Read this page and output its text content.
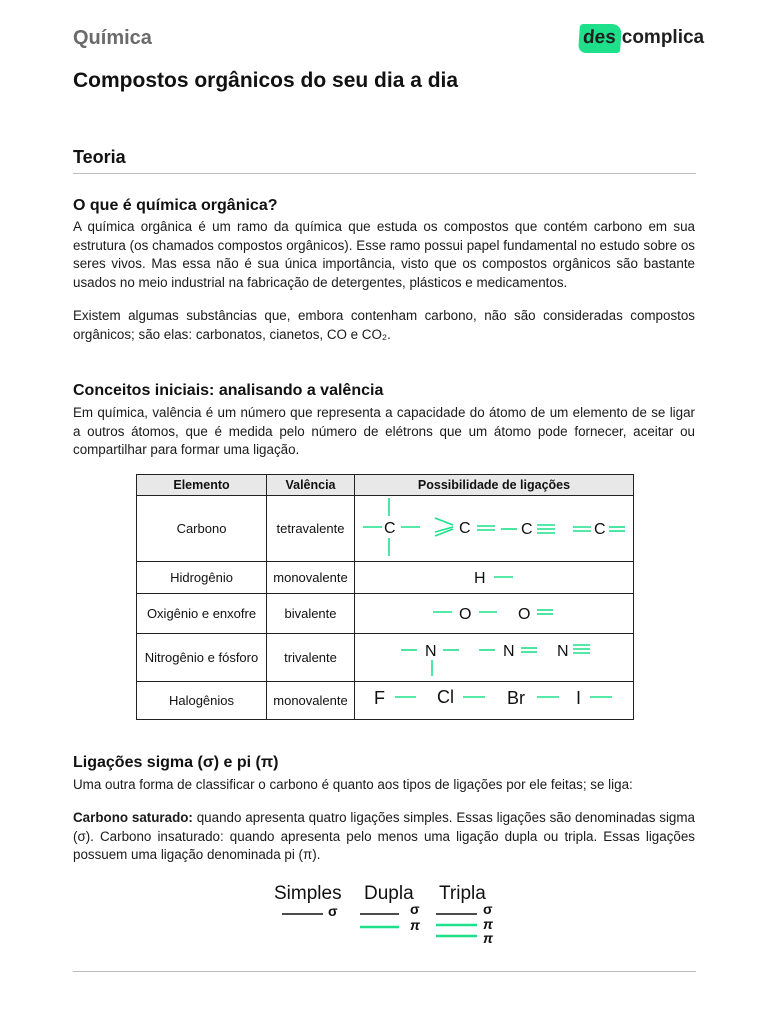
Química	des complica
Compostos orgânicos do seu dia a dia
Teoria
O que é química orgânica?
A química orgânica é um ramo da química que estuda os compostos que contém carbono em sua estrutura (os chamados compostos orgânicos). Esse ramo possui papel fundamental no estudo sobre os seres vivos. Mas essa não é sua única importância, visto que os compostos orgânicos são bastante usados no meio industrial na fabricação de detergentes, plásticos e medicamentos.
Existem algumas substâncias que, embora contenham carbono, não são consideradas compostos orgânicos; são elas: carbonatos, cianetos, CO e CO₂.
Conceitos iniciais: analisando a valência
Em química, valência é um número que representa a capacidade do átomo de um elemento de se ligar a outros átomos, que é medida pelo número de elétrons que um átomo pode fornecer, aceitar ou compartilhar para formar uma ligação.
Elemento	Valência	Possibilidade de ligações
Carbono	tetravalente	C C C C

Hidrogênio	monovalente	H

Oxigênio e enxofre	bivalente	O O

Nitrogênio e fósforo	trivalente	N N N

Halogênios	monovalente	F Cl Br I
Ligações sigma (σ) e pi (π)
Uma outra forma de classificar o carbono é quanto aos tipos de ligações por ele feitas; se liga:
Carbono saturado: quando apresenta quatro ligações simples. Essas ligações são denominadas sigma (σ). Carbono insaturado: quando apresenta pelo menos uma ligação dupla ou tripla. Essas ligações possuem uma ligação denominada pi (π).
Simples Dupla Tripla
σ	σ
π
σ
π
π
